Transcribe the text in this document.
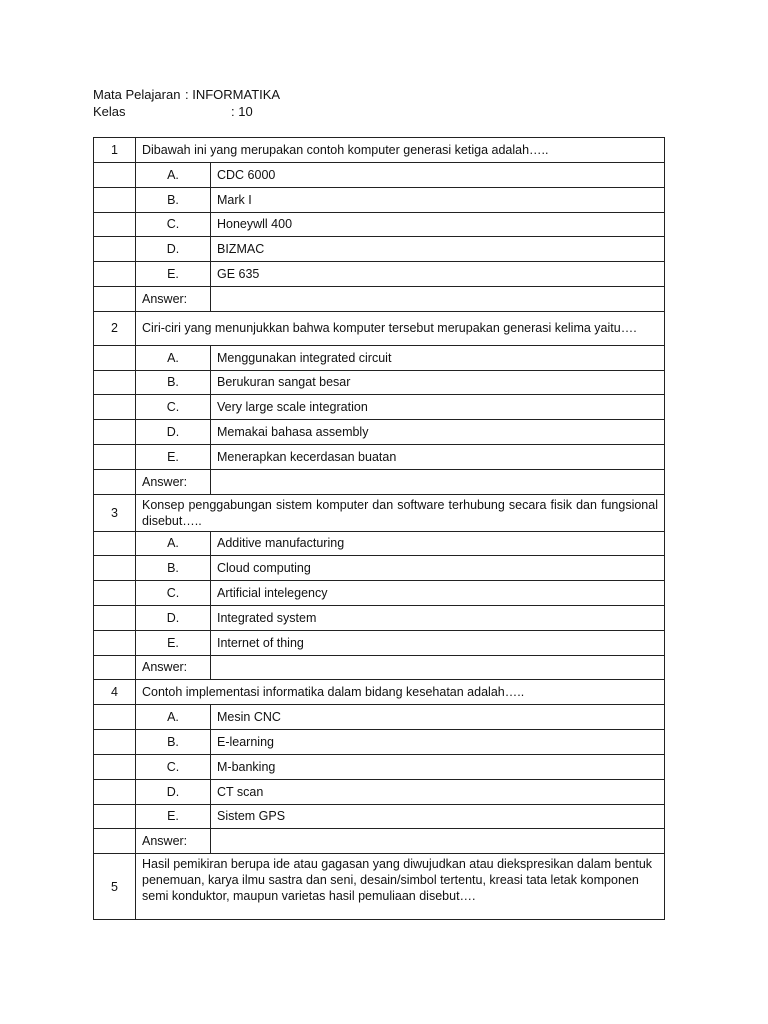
Mata Pelajaran : INFORMATIKA
Kelas	: 10
1	Dibawah ini yang merupakan contoh komputer generasi ketiga adalah…..	
	A.	CDC 6000
	B.	Mark I
	C.	Honeywll 400
	D.	BIZMAC
	E.	GE 635
	Answer:	
2	Ciri-ciri yang menunjukkan bahwa komputer tersebut merupakan generasi kelima yaitu….	
	A.	Menggunakan integrated circuit
	B.	Berukuran sangat besar
	C.	Very large scale integration
	D.	Memakai bahasa assembly
	E.	Menerapkan kecerdasan buatan
	Answer:	
3	Konsep penggabungan sistem komputer dan software terhubung secara fisik dan fungsional disebut…..	
	A.	Additive manufacturing
	B.	Cloud computing
	C.	Artificial intelegency
	D.	Integrated system
	E.	Internet of thing
	Answer:	
4	Contoh implementasi informatika dalam bidang kesehatan adalah…..	
	A.	Mesin CNC
	B.	E-learning
	C.	M-banking
	D.	CT scan
	E.	Sistem GPS
	Answer:	
5	Hasil pemikiran berupa ide atau gagasan yang diwujudkan atau diekspresikan dalam bentuk penemuan, karya ilmu sastra dan seni, desain/simbol tertentu, kreasi tata letak komponen semi konduktor, maupun varietas hasil pemuliaan disebut….	
